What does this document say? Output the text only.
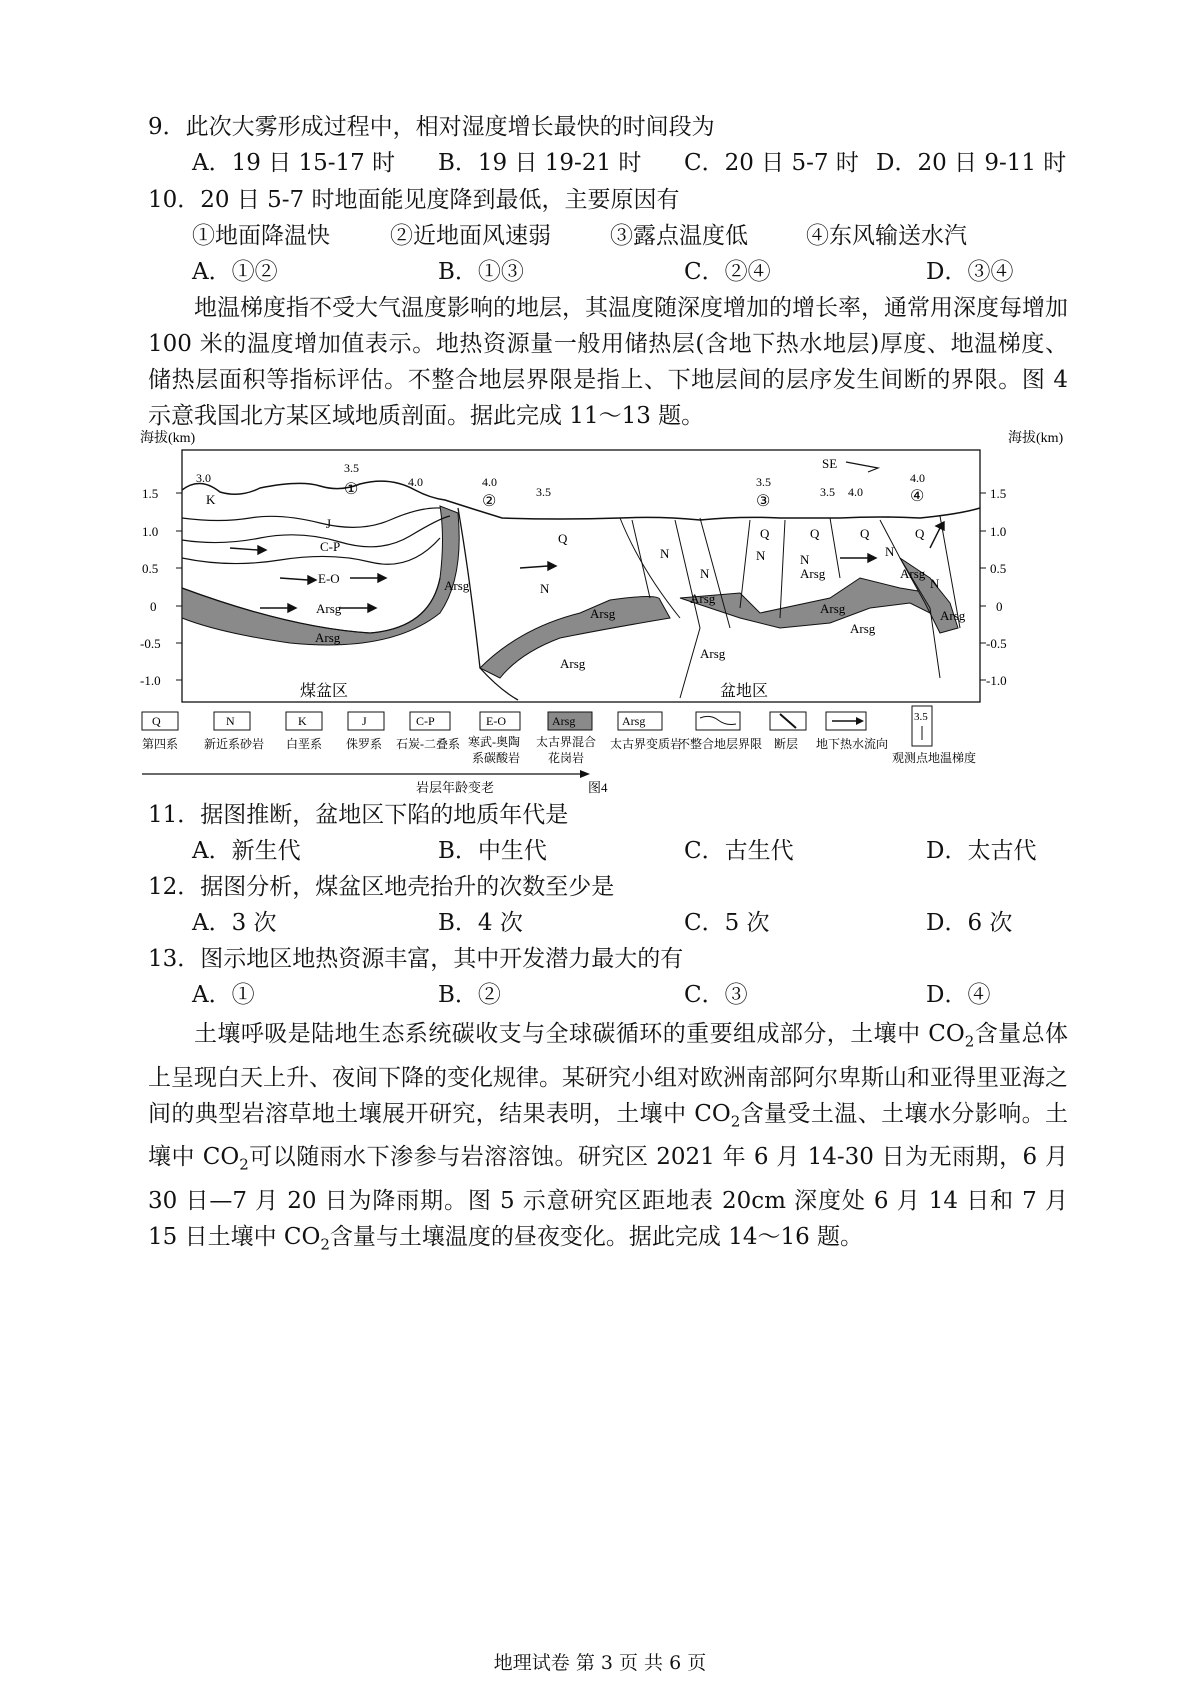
9．此次大雾形成过程中，相对湿度增长最快的时间段为
A．19 日 15-17 时 B．19 日 19-21 时 C．20 日 5-7 时 D．20 日 9-11 时
10．20 日 5-7 时地面能见度降到最低，主要原因有
①地面降温快	②近地面风速弱	③露点温度低	④东风输送水汽
A．①②	B．①③	C．②④	D．③④
地温梯度指不受大气温度影响的地层，其温度随深度增加的增长率，通常用深度每增加 100 米的温度增加值表示。地热资源量一般用储热层(含地下热水地层)厚度、地温梯度、储热层面积等指标评估。不整合地层界限是指上、下地层间的层序发生间断的界限。图 4 示意我国北方某区域地质剖面。据此完成 11～13 题。
海拔(km)	海拔(km)
1.5
1.0
0.5
0
-0.5
-1.0
1.5
1.0
0.5
0
-0.5
-1.0
K
J
C-P
E-O
Arsg
Arsg
Arsg
Q
N
Q	Q
N
N
N
Arsg
Arsg
Arsg
Arsg
Arsg
Arsg
Arsg
Arsg
N
Q	Q
Arsg
N
N
3.0
3.5
4.0	4.0
3.5
3.5
3.5 4.0
4.0
①
②	③	④
SE
煤盆区	盆地区
Q
第四系
N
新近系砂岩
K
白垩系
J
侏罗系
C-P
石炭-二叠系
E-O
寒武-奥陶
系碳酸岩
Arsg
太古界混合
花岗岩
Arsg
太古界变质岩
不整合地层界限 断层 地下热水流向
3.5
观测点地温梯度
岩层年龄变老	图4
11．据图推断，盆地区下陷的地质年代是
A．新生代	B．中生代	C．古生代	D．太古代
12．据图分析，煤盆区地壳抬升的次数至少是
A．3 次	B．4 次	C．5 次	D．6 次
13．图示地区地热资源丰富，其中开发潜力最大的有
A．①	B．②	C．③	D．④
土壤呼吸是陆地生态系统碳收支与全球碳循环的重要组成部分，土壤中 $CO_2$含量总体上呈现白天上升、夜间下降的变化规律。某研究小组对欧洲南部阿尔卑斯山和亚得里亚海之间的典型岩溶草地土壤展开研究，结果表明，土壤中 $CO_2$含量受土温、土壤水分影响。土壤中 $CO_2$可以随雨水下渗参与岩溶溶蚀。研究区 2021 年 6 月 14-30 日为无雨期，6 月 30 日—7 月 20 日为降雨期。图 5 示意研究区距地表 20cm 深度处 6 月 14 日和 7 月 15 日土壤中 $CO_2$含量与土壤温度的昼夜变化。据此完成 14～16 题。
地理试卷 第 3 页 共 6 页
